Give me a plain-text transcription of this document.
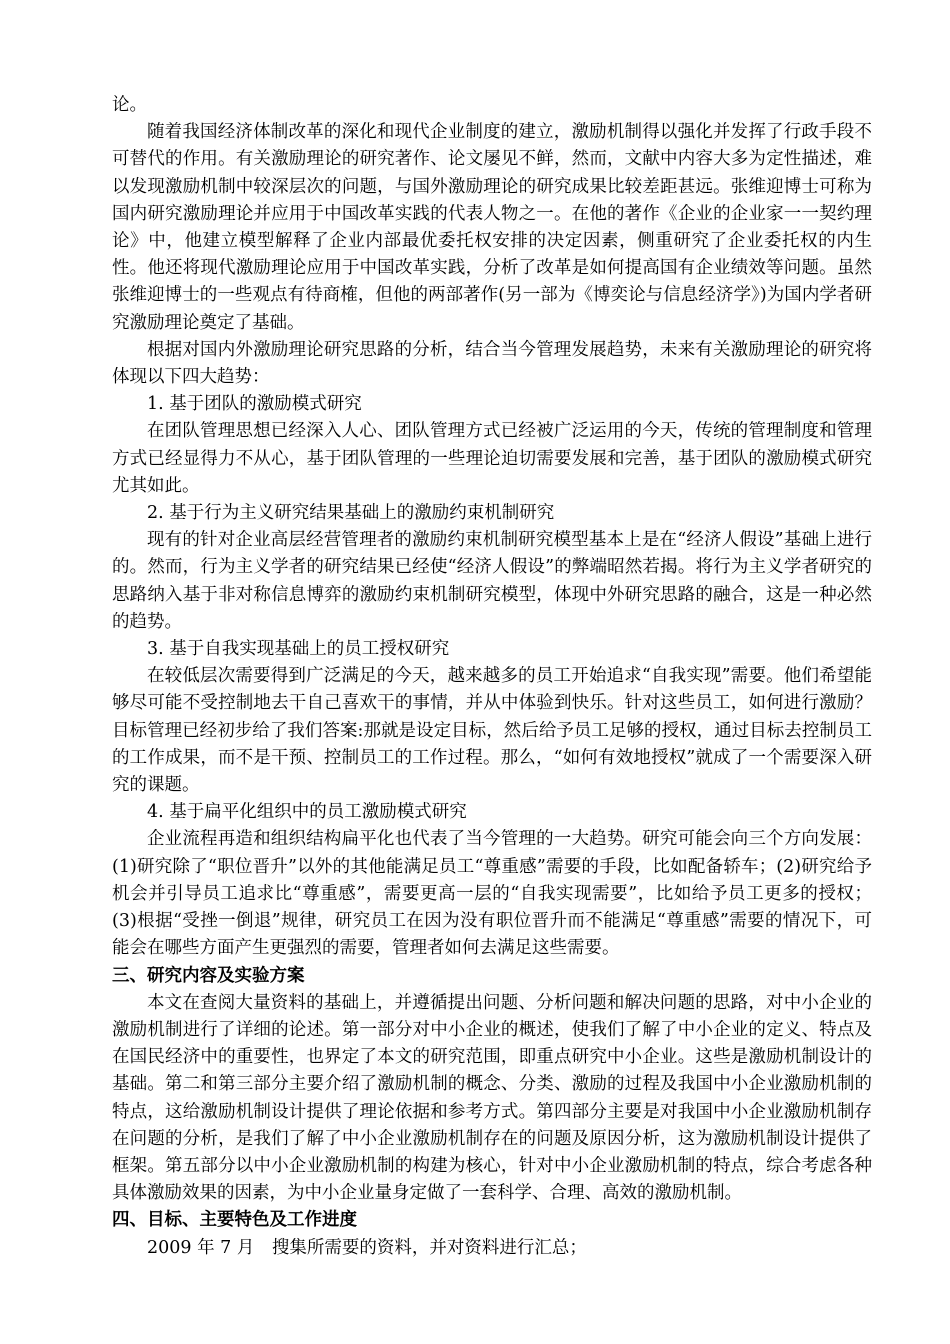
论。

随着我国经济体制改革的深化和现代企业制度的建立，激励机制得以强化并发挥了行政手段不可替代的作用。有关激励理论的研究著作、论文屡见不鲜，然而，文献中内容大多为定性描述，难以发现激励机制中较深层次的问题，与国外激励理论的研究成果比较差距甚远。张维迎博士可称为国内研究激励理论并应用于中国改革实践的代表人物之一。在他的著作《企业的企业家一一契约理论》中，他建立模型解释了企业内部最优委托权安排的决定因素，侧重研究了企业委托权的内生性。他还将现代激励理论应用于中国改革实践，分析了改革是如何提高国有企业绩效等问题。虽然张维迎博士的一些观点有待商榷，但他的两部著作(另一部为《博奕论与信息经济学》)为国内学者研究激励理论奠定了基础。

根据对国内外激励理论研究思路的分析，结合当今管理发展趋势，未来有关激励理论的研究将体现以下四大趋势：

1. 基于团队的激励模式研究

在团队管理思想已经深入人心、团队管理方式已经被广泛运用的今天，传统的管理制度和管理方式已经显得力不从心，基于团队管理的一些理论迫切需要发展和完善，基于团队的激励模式研究尤其如此。

2. 基于行为主义研究结果基础上的激励约束机制研究

现有的针对企业高层经营管理者的激励约束机制研究模型基本上是在“经济人假设”基础上进行的。然而，行为主义学者的研究结果已经使“经济人假设”的弊端昭然若揭。将行为主义学者研究的思路纳入基于非对称信息博弈的激励约束机制研究模型，体现中外研究思路的融合，这是一种必然的趋势。

3. 基于自我实现基础上的员工授权研究

在较低层次需要得到广泛满足的今天，越来越多的员工开始追求“自我实现”需要。他们希望能够尽可能不受控制地去干自己喜欢干的事情，并从中体验到快乐。针对这些员工，如何进行激励？目标管理已经初步给了我们答案:那就是设定目标，然后给予员工足够的授权，通过目标去控制员工的工作成果，而不是干预、控制员工的工作过程。那么，“如何有效地授权”就成了一个需要深入研究的课题。

4. 基于扁平化组织中的员工激励模式研究

企业流程再造和组织结构扁平化也代表了当今管理的一大趋势。研究可能会向三个方向发展：(1)研究除了“职位晋升”以外的其他能满足员工“尊重感”需要的手段，比如配备轿车；(2)研究给予机会并引导员工追求比“尊重感”，需要更高一层的“自我实现需要”，比如给予员工更多的授权；(3)根据“受挫一倒退”规律，研究员工在因为没有职位晋升而不能满足“尊重感”需要的情况下，可能会在哪些方面产生更强烈的需要，管理者如何去满足这些需要。

三、研究内容及实验方案

本文在查阅大量资料的基础上，并遵循提出问题、分析问题和解决问题的思路，对中小企业的激励机制进行了详细的论述。第一部分对中小企业的概述，使我们了解了中小企业的定义、特点及在国民经济中的重要性，也界定了本文的研究范围，即重点研究中小企业。这些是激励机制设计的基础。第二和第三部分主要介绍了激励机制的概念、分类、激励的过程及我国中小企业激励机制的特点，这给激励机制设计提供了理论依据和参考方式。第四部分主要是对我国中小企业激励机制存在问题的分析，是我们了解了中小企业激励机制存在的问题及原因分析，这为激励机制设计提供了框架。第五部分以中小企业激励机制的构建为核心，针对中小企业激励机制的特点，综合考虑各种具体激励效果的因素，为中小企业量身定做了一套科学、合理、高效的激励机制。

四、目标、主要特色及工作进度

2009 年 7 月　搜集所需要的资料，并对资料进行汇总；
